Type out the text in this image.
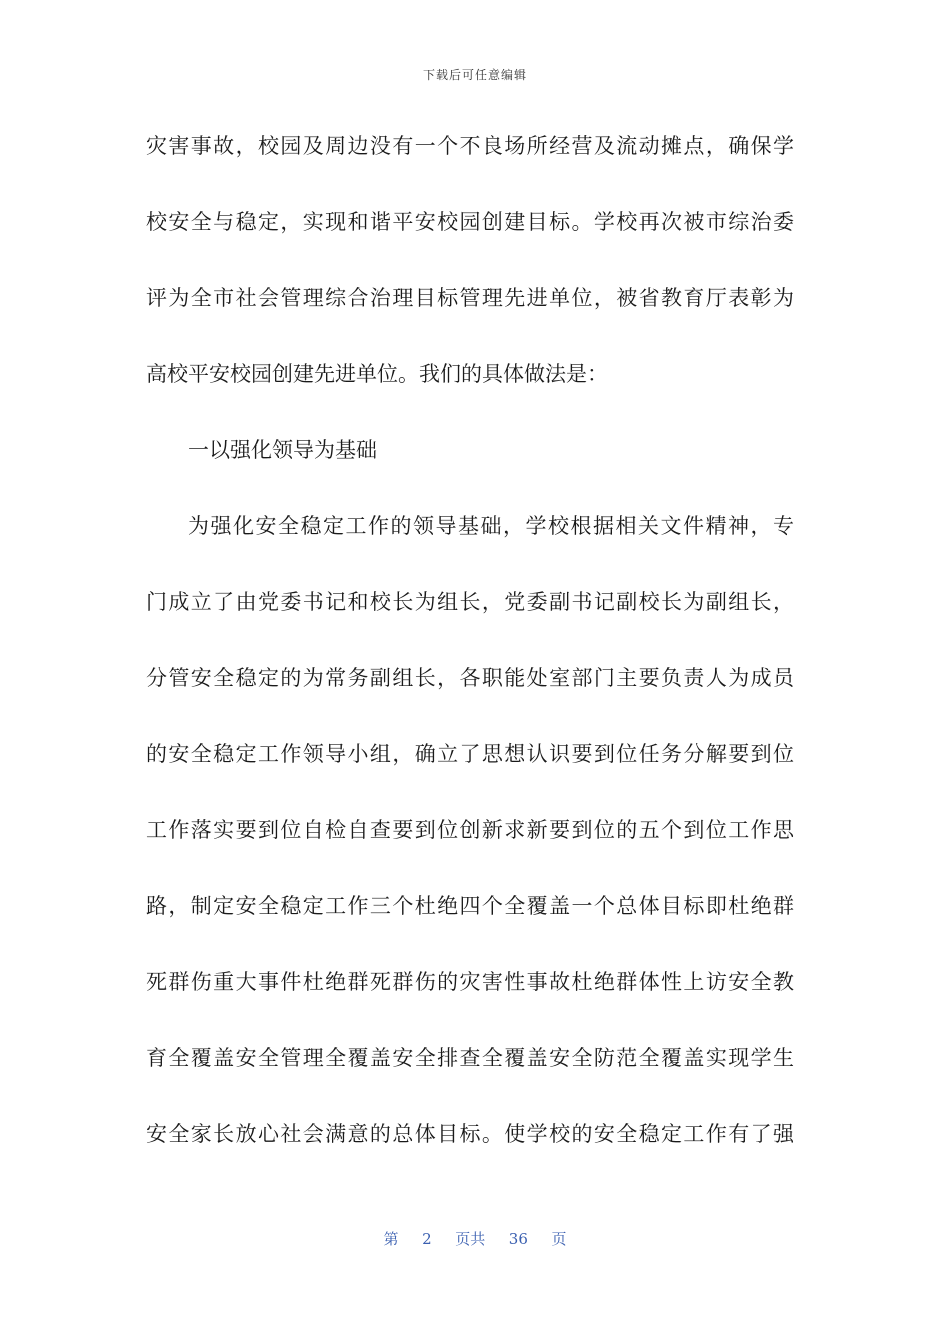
下载后可任意编辑
灾害事故，校园及周边没有一个不良场所经营及流动摊点，确保学
校安全与稳定，实现和谐平安校园创建目标。学校再次被市综治委
评为全市社会管理综合治理目标管理先进单位，被省教育厅表彰为
高校平安校园创建先进单位。我们的具体做法是：
一以强化领导为基础
为强化安全稳定工作的领导基础，学校根据相关文件精神，专
门成立了由党委书记和校长为组长，党委副书记副校长为副组长，
分管安全稳定的为常务副组长，各职能处室部门主要负责人为成员
的安全稳定工作领导小组，确立了思想认识要到位任务分解要到位
工作落实要到位自检自查要到位创新求新要到位的五个到位工作思
路，制定安全稳定工作三个杜绝四个全覆盖一个总体目标即杜绝群
死群伤重大事件杜绝群死群伤的灾害性事故杜绝群体性上访安全教
育全覆盖安全管理全覆盖安全排查全覆盖安全防范全覆盖实现学生
安全家长放心社会满意的总体目标。使学校的安全稳定工作有了强
第 2 页共 36 页
